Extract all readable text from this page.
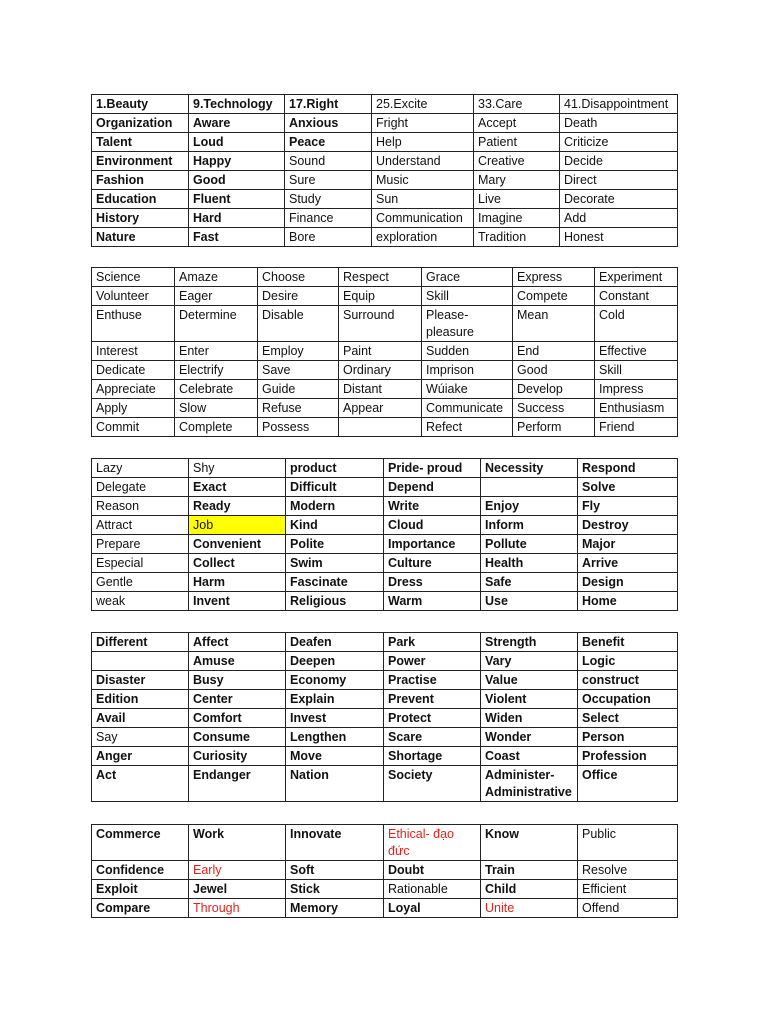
1.Beauty	9.Technology	17.Right	25.Excite	33.Care	41.Disappointment
Organization	Aware	Anxious	Fright	Accept	Death
Talent	Loud	Peace	Help	Patient	Criticize
Environment	Happy	Sound	Understand	Creative	Decide
Fashion	Good	Sure	Music	Mary	Direct
Education	Fluent	Study	Sun	Live	Decorate
History	Hard	Finance	Communication	Imagine	Add
Nature	Fast	Bore	exploration	Tradition	Honest
Science	Amaze	Choose	Respect	Grace	Express	Experiment
Volunteer	Eager	Desire	Equip	Skill	Compete	Constant
Enthuse	Determine	Disable	Surround	Please- pleasure	Mean	Cold
Interest	Enter	Employ	Paint	Sudden	End	Effective
Dedicate	Electrify	Save	Ordinary	Imprison	Good	Skill
Appreciate	Celebrate	Guide	Distant	Wúiake	Develop	Impress
Apply	Slow	Refuse	Appear	Communicate	Success	Enthusiasm
Commit	Complete	Possess		Refect	Perform	Friend
Lazy	Shy	product	Pride- proud	Necessity	Respond
Delegate	Exact	Difficult	Depend		Solve
Reason	Ready	Modern	Write	Enjoy	Fly
Attract	Job	Kind	Cloud	Inform	Destroy
Prepare	Convenient	Polite	Importance	Pollute	Major
Especial	Collect	Swim	Culture	Health	Arrive
Gentle	Harm	Fascinate	Dress	Safe	Design
weak	Invent	Religious	Warm	Use	Home
Different	Affect	Deafen	Park	Strength	Benefit
	Amuse	Deepen	Power	Vary	Logic
Disaster	Busy	Economy	Practise	Value	construct
Edition	Center	Explain	Prevent	Violent	Occupation
Avail	Comfort	Invest	Protect	Widen	Select
Say	Consume	Lengthen	Scare	Wonder	Person
Anger	Curiosity	Move	Shortage	Coast	Profession
Act	Endanger	Nation	Society	Administer- Administrative	Office
Commerce	Work	Innovate	Ethical- đạo đức	Know	Public
Confidence	Early	Soft	Doubt	Train	Resolve
Exploit	Jewel	Stick	Rationable	Child	Efficient
Compare	Through	Memory	Loyal	Unite	Offend
